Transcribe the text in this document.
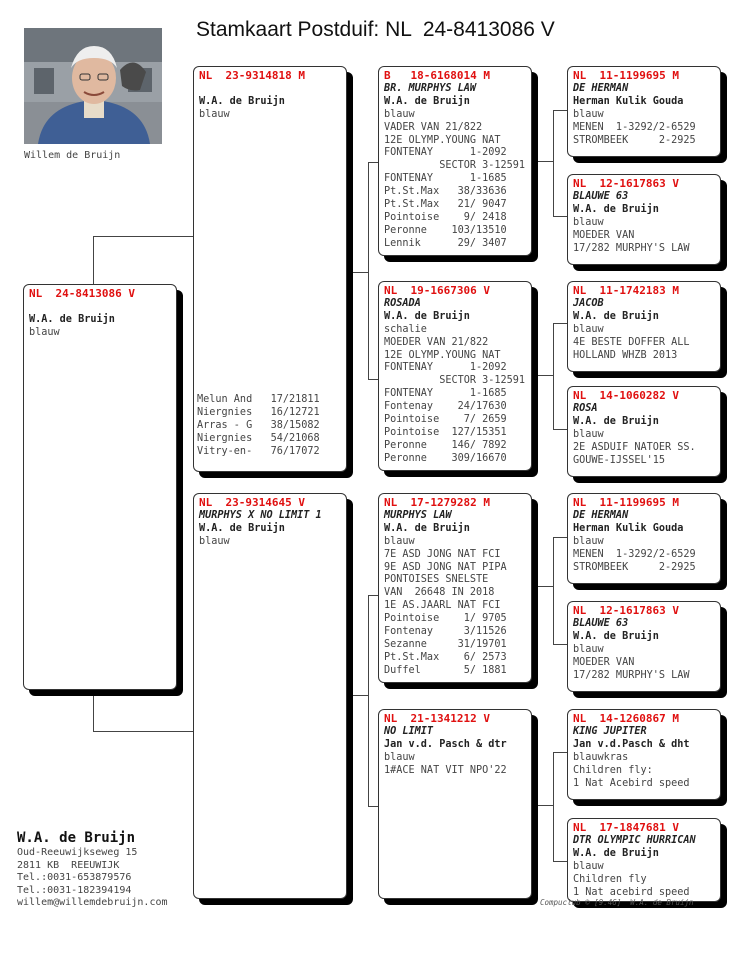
Stamkaart Postduif: NL  24-8413086 V
Willem de Bruijn
NL  24-8413086 V
W.A. de Bruijn
blauw
NL  23-9314818 M
W.A. de Bruijn
blauw
Melun And   17/21811
Niergnies   16/12721
Arras - G   38/15082
Niergnies   54/21068
Vitry-en-   76/17072
NL  23-9314645 V
MURPHYS X NO LIMIT 1
W.A. de Bruijn
blauw
B   18-6168014 M
BR. MURPHYS LAW
W.A. de Bruijn
blauw
VADER VAN 21/822
12E OLYMP.YOUNG NAT
FONTENAY      1-2092
SECTOR 3-12591
FONTENAY      1-1685
Pt.St.Max   38/33636
Pt.St.Max   21/ 9047
Pointoise    9/ 2418
Peronne    103/13510
Lennik      29/ 3407
NL  19-1667306 V
ROSADA
W.A. de Bruijn
schalie
MOEDER VAN 21/822
12E OLYMP.YOUNG NAT
FONTENAY      1-2092
SECTOR 3-12591
FONTENAY      1-1685
Fontenay    24/17630
Pointoise    7/ 2659
Pointoise  127/15351
Peronne    146/ 7892
Peronne    309/16670
NL  17-1279282 M
MURPHYS LAW
W.A. de Bruijn
blauw
7E ASD JONG NAT FCI
9E ASD JONG NAT PIPA
PONTOISES SNELSTE
VAN  26648 IN 2018
1E AS.JAARL NAT FCI
Pointoise    1/ 9705
Fontenay     3/11526
Sezanne     31/19701
Pt.St.Max    6/ 2573
Duffel       5/ 1881
NL  21-1341212 V
NO LIMIT
Jan v.d. Pasch & dtr
blauw
1#ACE NAT VIT NPO'22
NL  11-1199695 M
DE HERMAN
Herman Kulik Gouda
blauw
MENEN  1-3292/2-6529
STROMBEEK     2-2925
NL  12-1617863 V
BLAUWE 63
W.A. de Bruijn
blauw
MOEDER VAN
17/282 MURPHY'S LAW
NL  11-1742183 M
JACOB
W.A. de Bruijn
blauw
4E BESTE DOFFER ALL
HOLLAND WHZB 2013
NL  14-1060282 V
ROSA
W.A. de Bruijn
blauw
2E ASDUIF NATOER SS.
GOUWE-IJSSEL'15
NL  11-1199695 M
DE HERMAN
Herman Kulik Gouda
blauw
MENEN  1-3292/2-6529
STROMBEEK     2-2925
NL  12-1617863 V
BLAUWE 63
W.A. de Bruijn
blauw
MOEDER VAN
17/282 MURPHY'S LAW
NL  14-1260867 M
KING JUPITER
Jan v.d.Pasch & dht
blauwkras
Children fly:
1 Nat Acebird speed
NL  17-1847681 V
DTR OLYMPIC HURRICAN
W.A. de Bruijn
blauw
Children fly
1 Nat acebird speed
W.A. de Bruijn
Oud-Reeuwijkseweg 15
2811 KB  REEUWIJK
Tel.:0031-653879576
Tel.:0031-182394194
willem@willemdebruijn.com	Compuclub © [9.46]  W.A. de Bruijn
